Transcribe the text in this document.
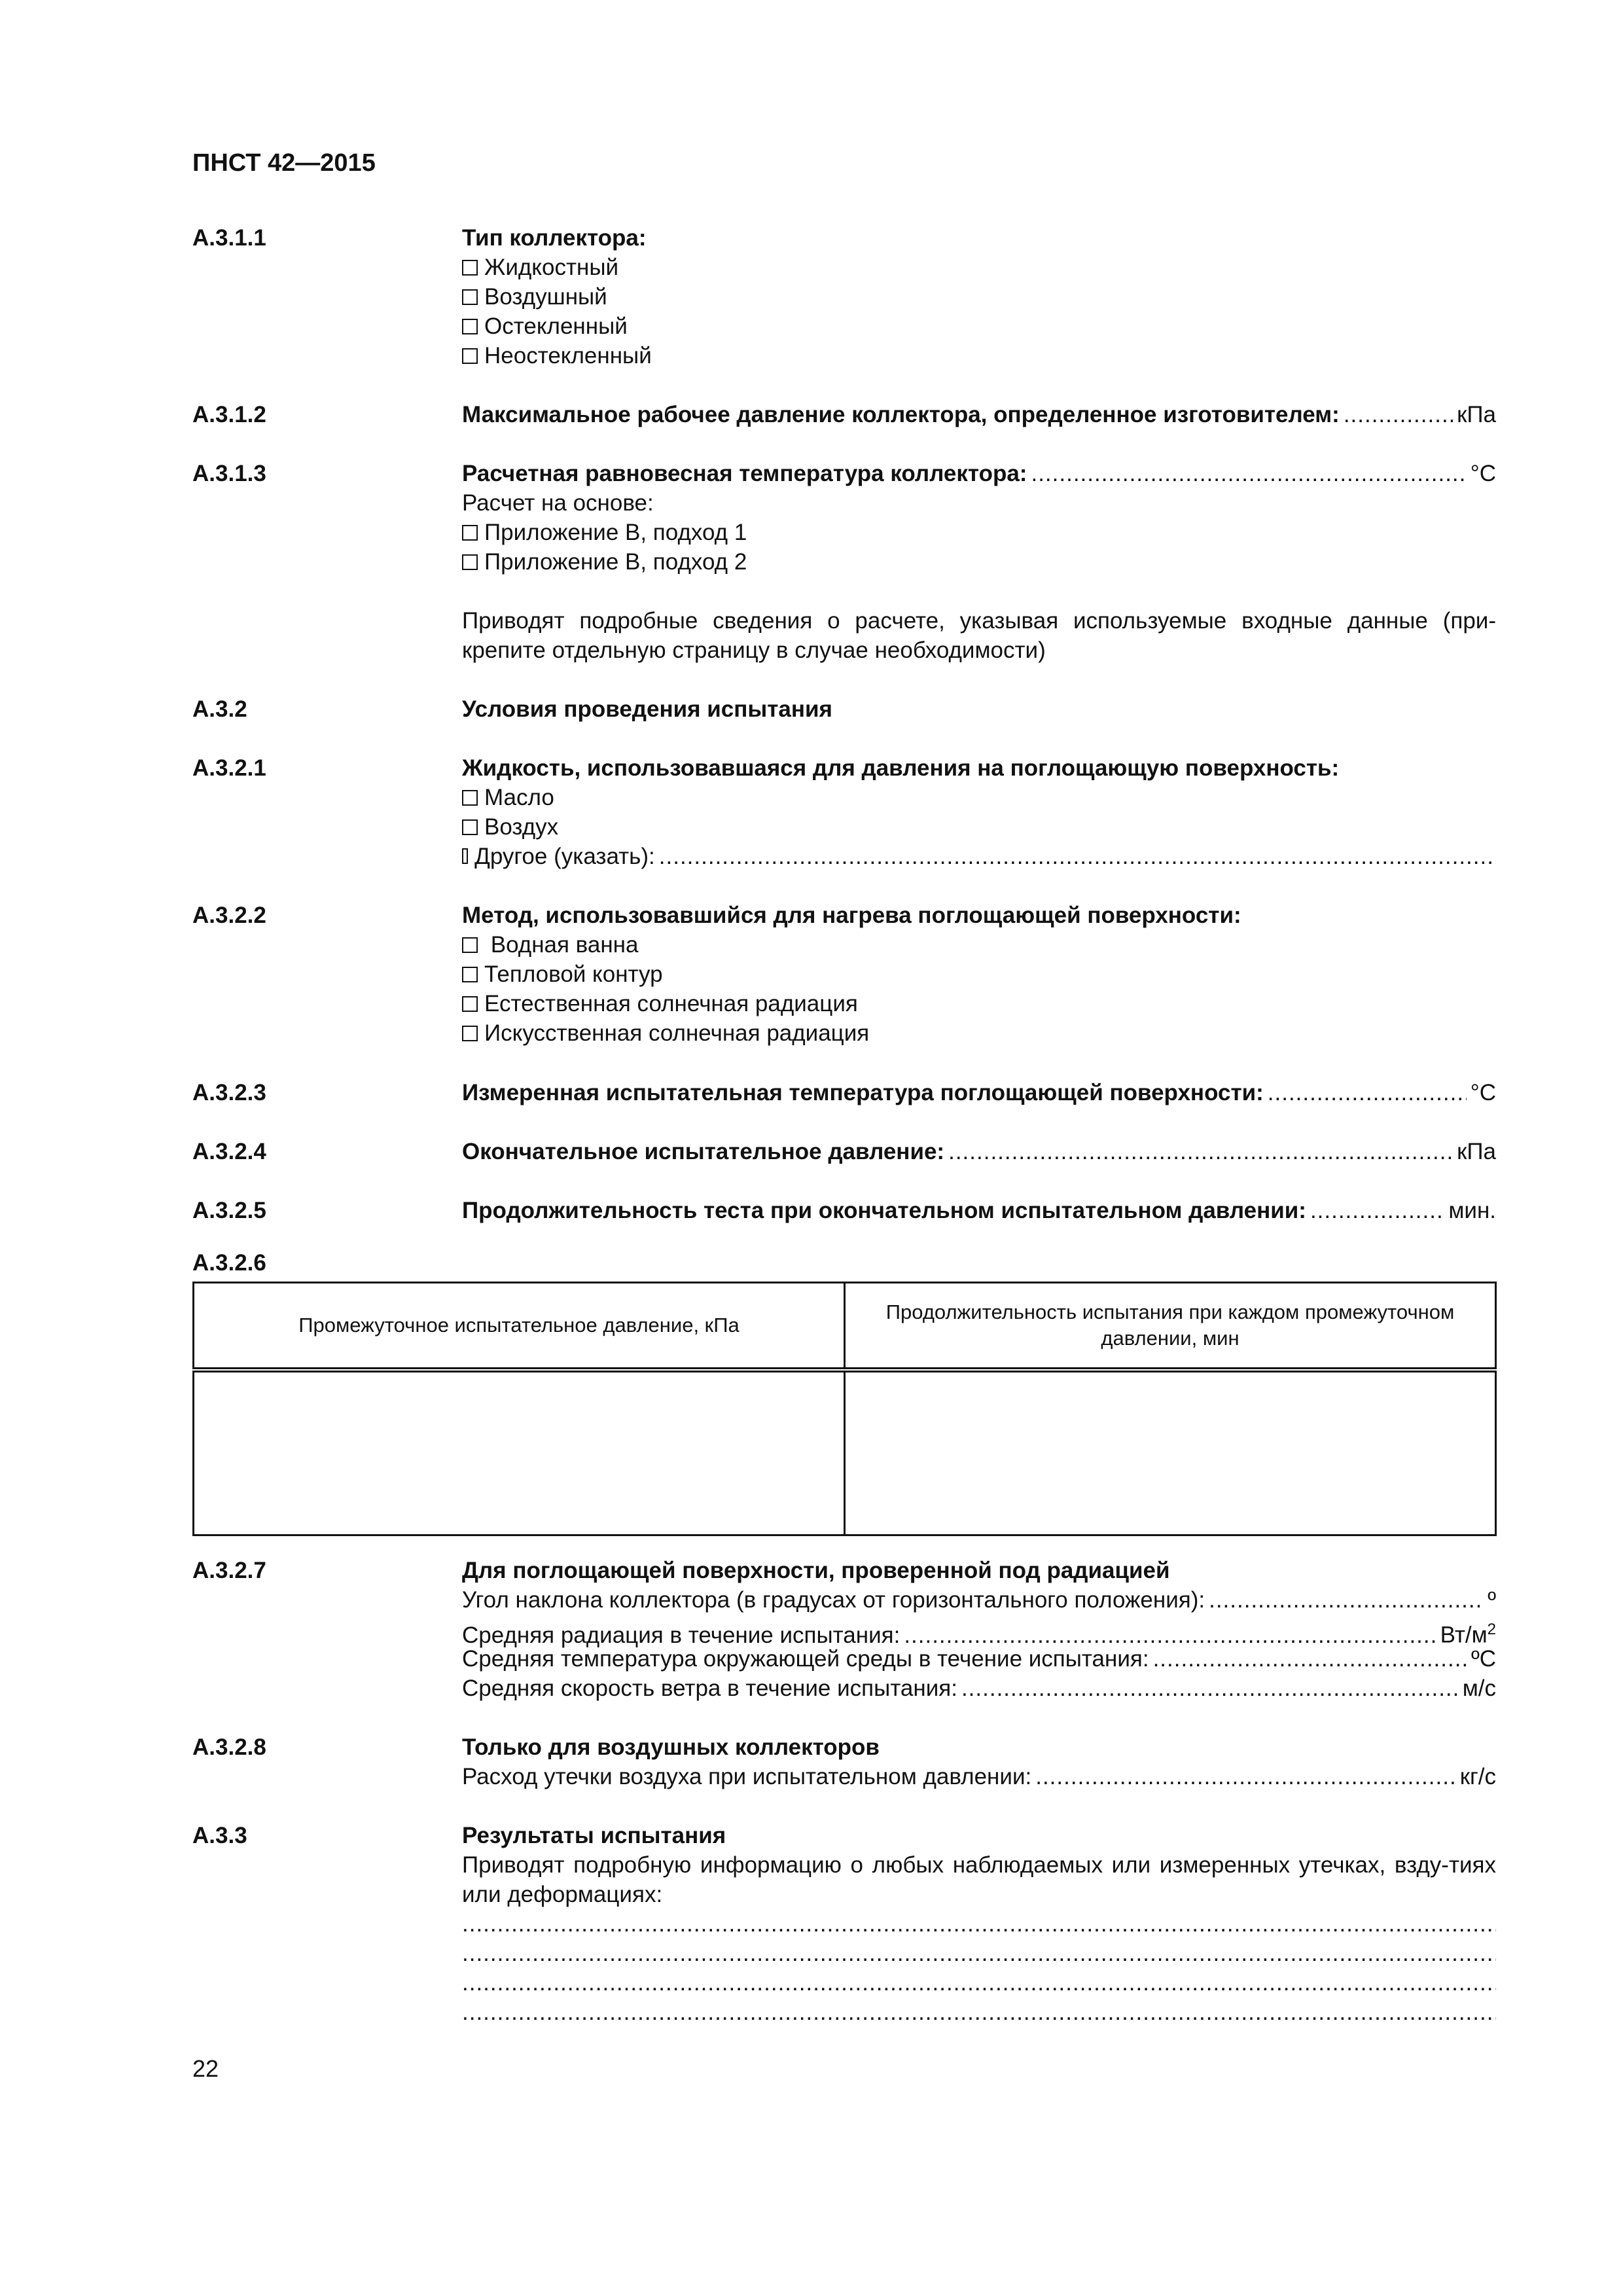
ПНСТ 42—2015
А.3.1.1	Тип коллектора:
Жидкостный
Воздушный
Остекленный
Неостекленный
А.3.1.2	Максимальное рабочее давление коллектора, определенное изготовителем: .....	кПа
А.3.1.3	Расчетная равновесная температура коллектора: .....	°C
Расчет на основе:
Приложение В, подход 1
Приложение В, подход 2
Приводят подробные сведения о расчете, указывая используемые входные данные (при-крепите отдельную страницу в случае необходимости)
А.3.2	Условия проведения испытания
А.3.2.1	Жидкость, использовавшаяся для давления на поглощающую поверхность:
Масло
Воздух
Другое (указать):
.....
А.3.2.2	Метод, использовавшийся для нагрева поглощающей поверхности:
Водная ванна
Тепловой контур
Естественная солнечная радиация
Искусственная солнечная радиация
А.3.2.3	Измеренная испытательная температура поглощающей поверхности: .....	°C
А.3.2.4	Окончательное испытательное давление: .....	кПа
А.3.2.5	Продолжительность теста при окончательном испытательном давлении: .....	мин.
А.3.2.6
Промежуточное испытательное давление, кПа	Продолжительность испытания при каждом промежуточном давлении, мин

А.3.2.7	Для поглощающей поверхности, проверенной под радиацией
Угол наклона коллектора (в градусах от горизонтального положения): .....	º
Средняя радиация в течение испытания: .....	$Вт/м^2$
Средняя температура окружающей среды в течение испытания: .....	ºC
Средняя скорость ветра в течение испытания: .....	м/с
А.3.2.8	Только для воздушных коллекторов
Расход утечки воздуха при испытательном давлении: .....	кг/с
А.3.3	Результаты испытания
Приводят подробную информацию о любых наблюдаемых или измеренных утечках, взду-тиях или деформациях:
.....
.....
.....
.....
22
